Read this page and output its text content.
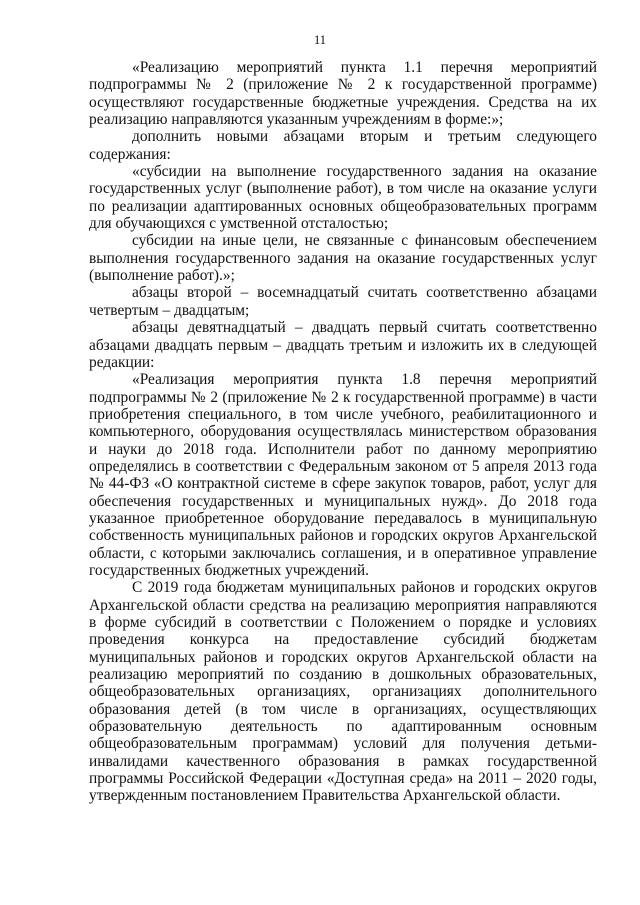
11

«Реализацию мероприятий пункта 1.1 перечня мероприятий подпрограммы № 2 (приложение № 2 к государственной программе) осуществляют государственные бюджетные учреждения. Средства на их реализацию направляются указанным учреждениям в форме:»;

дополнить новыми абзацами вторым и третьим следующего содержания:

«субсидии на выполнение государственного задания на оказание государственных услуг (выполнение работ), в том числе на оказание услуги по реализации адаптированных основных общеобразовательных программ для обучающихся с умственной отсталостью;

субсидии на иные цели, не связанные с финансовым обеспечением выполнения государственного задания на оказание государственных услуг (выполнение работ).»;

абзацы второй – восемнадцатый считать соответственно абзацами четвертым – двадцатым;

абзацы девятнадцатый – двадцать первый считать соответственно абзацами двадцать первым – двадцать третьим и изложить их в следующей редакции:

«Реализация мероприятия пункта 1.8 перечня мероприятий подпрограммы № 2 (приложение № 2 к государственной программе) в части приобретения специального, в том числе учебного, реабилитационного и компьютерного, оборудования осуществлялась министерством образования и науки до 2018 года. Исполнители работ по данному мероприятию определялись в соответствии с Федеральным законом от 5 апреля 2013 года № 44-ФЗ «О контрактной системе в сфере закупок товаров, работ, услуг для обеспечения государственных и муниципальных нужд». До 2018 года указанное приобретенное оборудование передавалось в муниципальную собственность муниципальных районов и городских округов Архангельской области, с которыми заключались соглашения, и в оперативное управление государственных бюджетных учреждений.

С 2019 года бюджетам муниципальных районов и городских округов Архангельской области средства на реализацию мероприятия направляются в форме субсидий в соответствии с Положением о порядке и условиях проведения конкурса на предоставление субсидий бюджетам муниципальных районов и городских округов Архангельской области на реализацию мероприятий по созданию в дошкольных образовательных, общеобразовательных организациях, организациях дополнительного образования детей (в том числе в организациях, осуществляющих образовательную деятельность по адаптированным основным общеобразовательным программам) условий для получения детьми-инвалидами качественного образования в рамках государственной программы Российской Федерации «Доступная среда» на 2011 – 2020 годы, утвержденным постановлением Правительства Архангельской области.
